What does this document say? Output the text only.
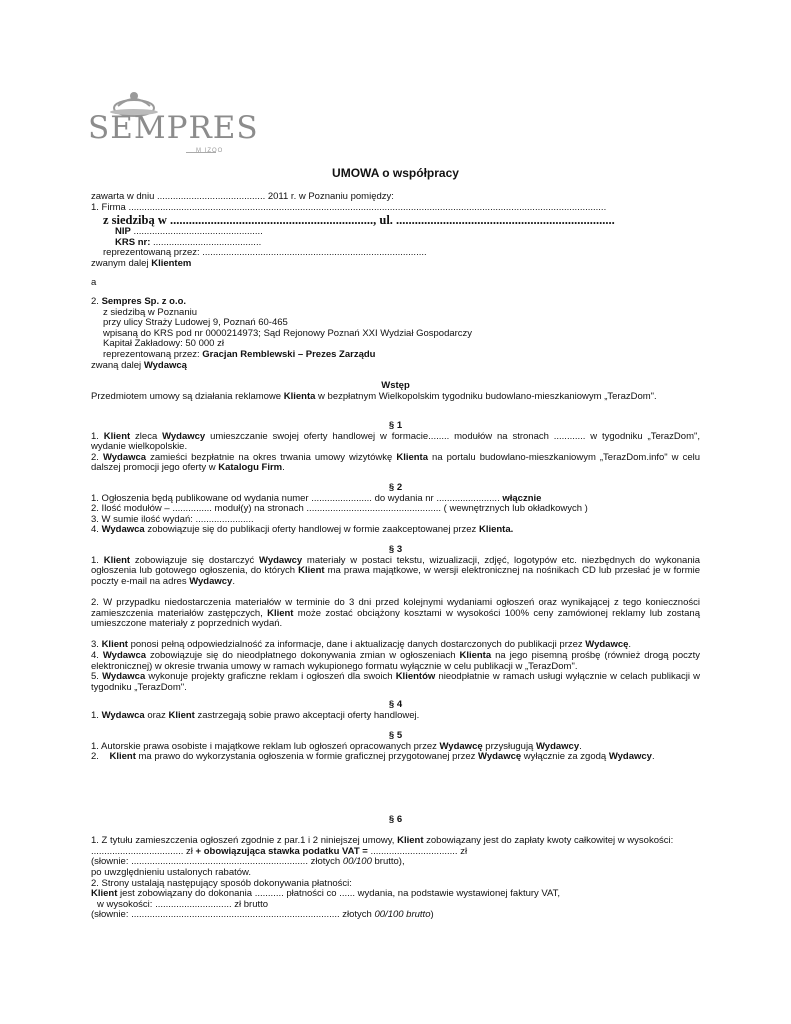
SEMPRES
M IZOO
UMOWA o współpracy

zawarta w dniu ......................................... 2011 r. w Poznaniu pomiędzy:

1. Firma .....................................................................................................................................................................................

z siedzibą w ................................................................., ul. ......................................................................

NIP .................................................

KRS nr: .........................................

reprezentowaną przez: .....................................................................................

zwanym dalej Klientem

a

2. Sempres Sp. z o.o.

z siedzibą w Poznaniu

przy ulicy Straży Ludowej 9, Poznań 60-465

wpisaną do KRS pod nr 0000214973; Sąd Rejonowy Poznań XXI Wydział Gospodarczy

Kapitał Zakładowy: 50 000 zł

reprezentowaną przez: Gracjan Remblewski – Prezes Zarządu

zwaną dalej Wydawcą

Wstęp

Przedmiotem umowy są działania reklamowe Klienta w bezpłatnym Wielkopolskim tygodniku budowlano-mieszkaniowym „TerazDom".

§ 1

1. Klient zleca Wydawcy umieszczanie swojej oferty handlowej w formacie........ modułów na stronach ............ w tygodniku „TerazDom", wydanie wielkopolskie.

2. Wydawca zamieści bezpłatnie na okres trwania umowy wizytówkę Klienta na portalu budowlano-mieszkaniowym „TerazDom.info" w celu dalszej promocji jego oferty w Katalogu Firm.

§ 2

1. Ogłoszenia będą publikowane od wydania numer ....................... do wydania nr ........................ włącznie

2. Ilość modułów – ............... moduł(y) na stronach ................................................... ( wewnętrznych lub okładkowych )

3. W sumie ilość wydań: ......................

4. Wydawca zobowiązuje się do publikacji oferty handlowej w formie zaakceptowanej przez Klienta.

§ 3

1. Klient zobowiązuje się dostarczyć Wydawcy materiały w postaci tekstu, wizualizacji, zdjęć, logotypów etc. niezbędnych do wykonania ogłoszenia lub gotowego ogłoszenia, do których Klient ma prawa majątkowe, w wersji elektronicznej na nośnikach CD lub przesłać je w formie poczty e-mail na adres Wydawcy.

2. W przypadku niedostarczenia materiałów w terminie do 3 dni przed kolejnymi wydaniami ogłoszeń oraz wynikającej z tego konieczności zamieszczenia materiałów zastępczych, Klient może zostać obciążony kosztami w wysokości 100% ceny zamówionej reklamy lub zostaną umieszczone materiały z poprzednich wydań.

3. Klient ponosi pełną odpowiedzialność za informacje, dane i aktualizację danych dostarczonych do publikacji przez Wydawcę.

4. Wydawca zobowiązuje się do nieodpłatnego dokonywania zmian w ogłoszeniach Klienta na jego pisemną prośbę (również drogą poczty elektronicznej) w okresie trwania umowy w ramach wykupionego formatu wyłącznie w celu publikacji w „TerazDom".

5. Wydawca wykonuje projekty graficzne reklam i ogłoszeń dla swoich Klientów nieodpłatnie w ramach usługi wyłącznie w celach publikacji w tygodniku „TerazDom".

§ 4

1. Wydawca oraz Klient zastrzegają sobie prawo akceptacji oferty handlowej.

§ 5

1. Autorskie prawa osobiste i majątkowe reklam lub ogłoszeń opracowanych przez Wydawcę przysługują Wydawcy.

2.    Klient ma prawo do wykorzystania ogłoszenia w formie graficznej przygotowanej przez Wydawcę wyłącznie za zgodą Wydawcy.

§ 6

1. Z tytułu zamieszczenia ogłoszeń zgodnie z par.1 i 2 niniejszej umowy, Klient zobowiązany jest do zapłaty kwoty całkowitej w wysokości:

................................... zł + obowiązująca stawka podatku VAT = ................................. zł

(słownie: ................................................................... złotych 00/100 brutto),

po uwzględnieniu ustalonych rabatów.

2. Strony ustalają następujący sposób dokonywania płatności:

Klient jest zobowiązany do dokonania ........... płatności co ...... wydania, na podstawie wystawionej faktury VAT,

w wysokości: ............................. zł brutto

(słownie: ............................................................................... złotych 00/100 brutto)
